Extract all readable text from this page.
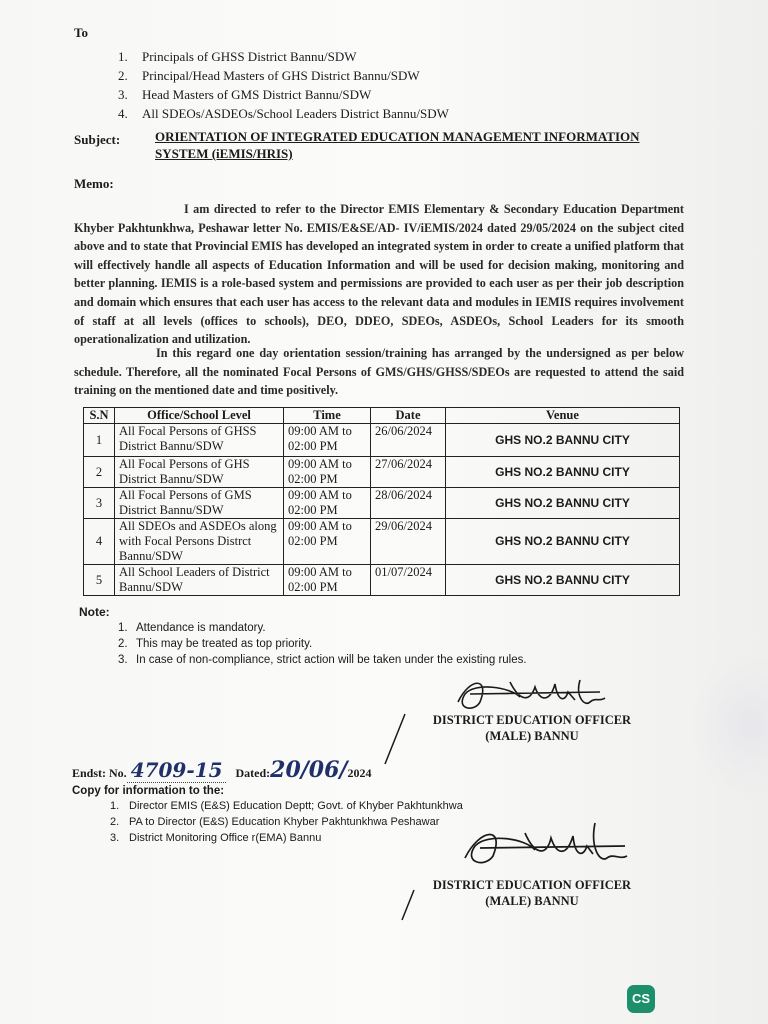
To
1.	Principals of GHSS District Bannu/SDW
2.	Principal/Head Masters of GHS District Bannu/SDW
3.	Head Masters of GMS District Bannu/SDW
4.	All SDEOs/ASDEOs/School Leaders District Bannu/SDW
Subject:	ORIENTATION OF INTEGRATED EDUCATION MANAGEMENT INFORMATION SYSTEM (iEMIS/HRIS)
Memo:
I am directed to refer to the Director EMIS Elementary & Secondary Education Department Khyber Pakhtunkhwa, Peshawar letter No. EMIS/E&SE/AD- IV/iEMIS/2024 dated 29/05/2024 on the subject cited above and to state that Provincial EMIS has developed an integrated system in order to create a unified platform that will effectively handle all aspects of Education Information and will be used for decision making, monitoring and better planning. IEMIS is a role-based system and permissions are provided to each user as per their job description and domain which ensures that each user has access to the relevant data and modules in IEMIS requires involvement of staff at all levels (offices to schools), DEO, DDEO, SDEOs, ASDEOs, School Leaders for its smooth operationalization and utilization.
In this regard one day orientation session/training has arranged by the undersigned as per below schedule. Therefore, all the nominated Focal Persons of GMS/GHS/GHSS/SDEOs are requested to attend the said training on the mentioned date and time positively.
S.N	Office/School Level	Time	Date	Venue
1	All Focal Persons of GHSS District Bannu/SDW	09:00 AM to 02:00 PM	26/06/2024	GHS NO.2 BANNU CITY
2	All Focal Persons of GHS District Bannu/SDW	09:00 AM to 02:00 PM	27/06/2024	GHS NO.2 BANNU CITY
3	All Focal Persons of GMS District Bannu/SDW	09:00 AM to 02:00 PM	28/06/2024	GHS NO.2 BANNU CITY
4	All SDEOs and ASDEOs along with Focal Persons Distrct Bannu/SDW	09:00 AM to 02:00 PM	29/06/2024	GHS NO.2 BANNU CITY
5	All School Leaders of District Bannu/SDW	09:00 AM to 02:00 PM	01/07/2024	GHS NO.2 BANNU CITY
Note:
1. Attendance is mandatory.
2. This may be treated as top priority.
3. In case of non-compliance, strict action will be taken under the existing rules.
DISTRICT EDUCATION OFFICER
(MALE) BANNU
Endst: No. 4709-15 Dated:20/06/2024
Copy for information to the:
1. Director EMIS (E&S) Education Deptt; Govt. of Khyber Pakhtunkhwa
2. PA to Director (E&S) Education Khyber Pakhtunkhwa Peshawar
3. District Monitoring Office r(EMA) Bannu
DISTRICT EDUCATION OFFICER
(MALE) BANNU
CS
